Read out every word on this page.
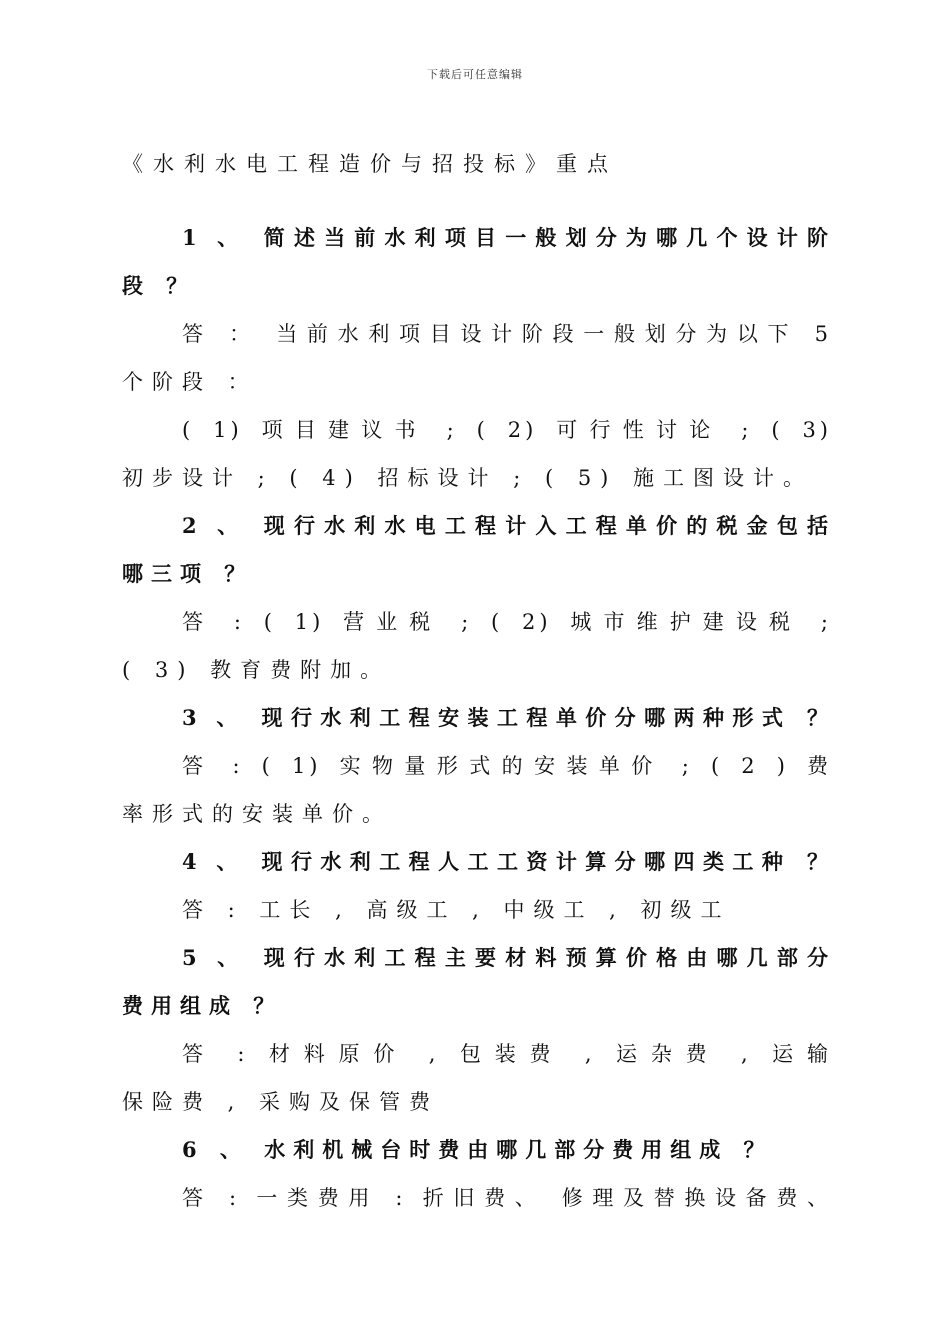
下载后可任意编辑
《水利水电工程造价与招投标》重点
1 、 简述当前水利项目一般划分为哪几个设计阶
段 ？
答 ： 当前水利项目设计阶段一般划分为以下 5
个阶段 ：
( 1) 项目建议书 ; ( 2) 可行性讨论 ; ( 3)
初步设计 ; ( 4) 招标设计 ; ( 5) 施工图设计。
2 、 现行水利水电工程计入工程单价的税金包括
哪三项 ？
答 : ( 1) 营业税 ; ( 2) 城市维护建设税 ;
( 3) 教育费附加。
3 、 现行水利工程安装工程单价分哪两种形式 ？
答 : ( 1) 实物量形式的安装单价 ; ( 2 ) 费
率形式的安装单价。
4 、 现行水利工程人工工资计算分哪四类工种 ？
答 : 工长 , 高级工 , 中级工 , 初级工
5 、 现行水利工程主要材料预算价格由哪几部分
费用组成 ？
答 : 材料原价 , 包装费 , 运杂费 , 运输
保险费 , 采购及保管费
6 、 水利机械台时费由哪几部分费用组成 ？
答 : 一类费用 : 折旧费、 修理及替换设备费、
